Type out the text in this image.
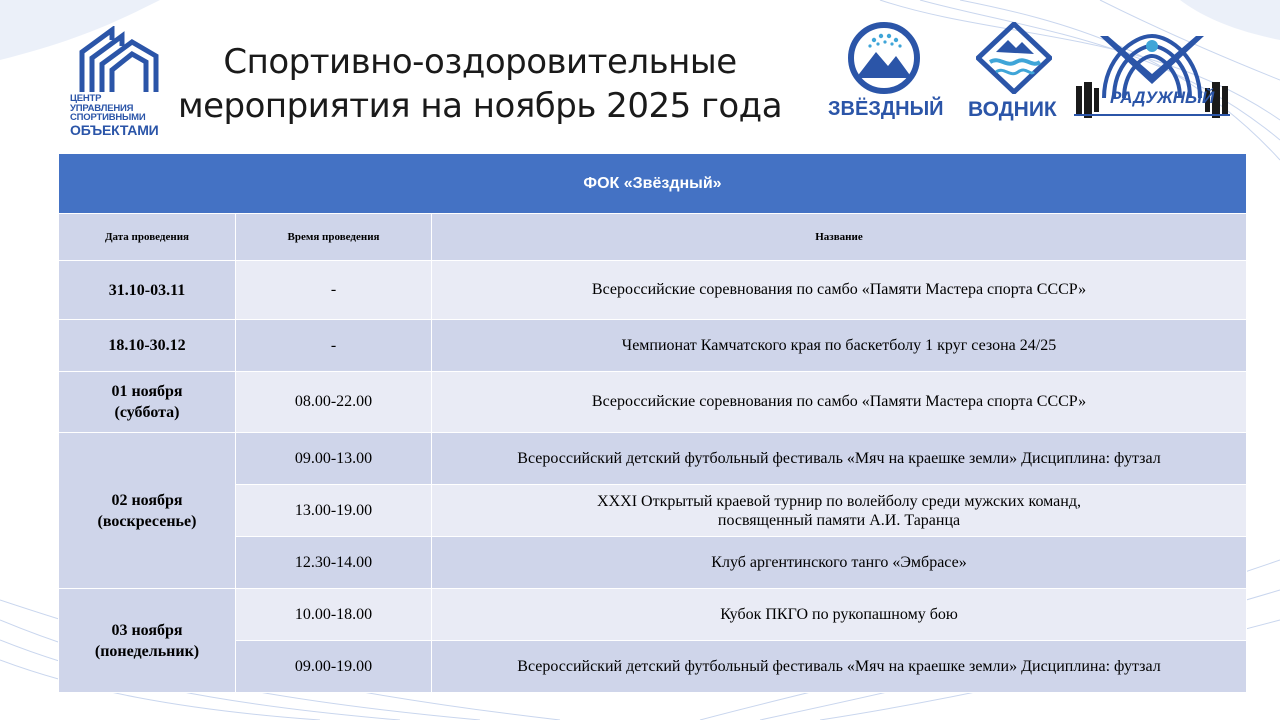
ЦЕНТР УПРАВЛЕНИЯ
СПОРТИВНЫМИ
ОБЪЕКТАМИ
Спортивно-оздоровительные
мероприятия на ноябрь 2025 года	ЗВЁЗДНЫЙ ВОДНИК
РАДУЖНЫЙ
ФОК «Звёздный»		
Дата проведения	Время проведения	Название
31.10-03.11	-	Всероссийские соревнования по самбо «Памяти Мастера спорта СССР»
18.10-30.12	-	Чемпионат Камчатского края по баскетболу 1 круг сезона 24/25

01 ноября
(суббота)	08.00-22.00	Всероссийские соревнования по самбо «Памяти Мастера спорта СССР»

02 ноября
(воскресенье)	09.00-13.00	Всероссийский детский футбольный фестиваль «Мяч на краешке земли» Дисциплина: футзал
	13.00-19.00	XXXI Открытый краевой турнир по волейболу среди мужских команд,
посвященный памяти А.И. Таранца

	12.30-14.00	Клуб аргентинского танго «Эмбрасе»

03 ноября
(понедельник)	10.00-18.00	Кубок ПКГО по рукопашному бою
	09.00-19.00	Всероссийский детский футбольный фестиваль «Мяч на краешке земли» Дисциплина: футзал
